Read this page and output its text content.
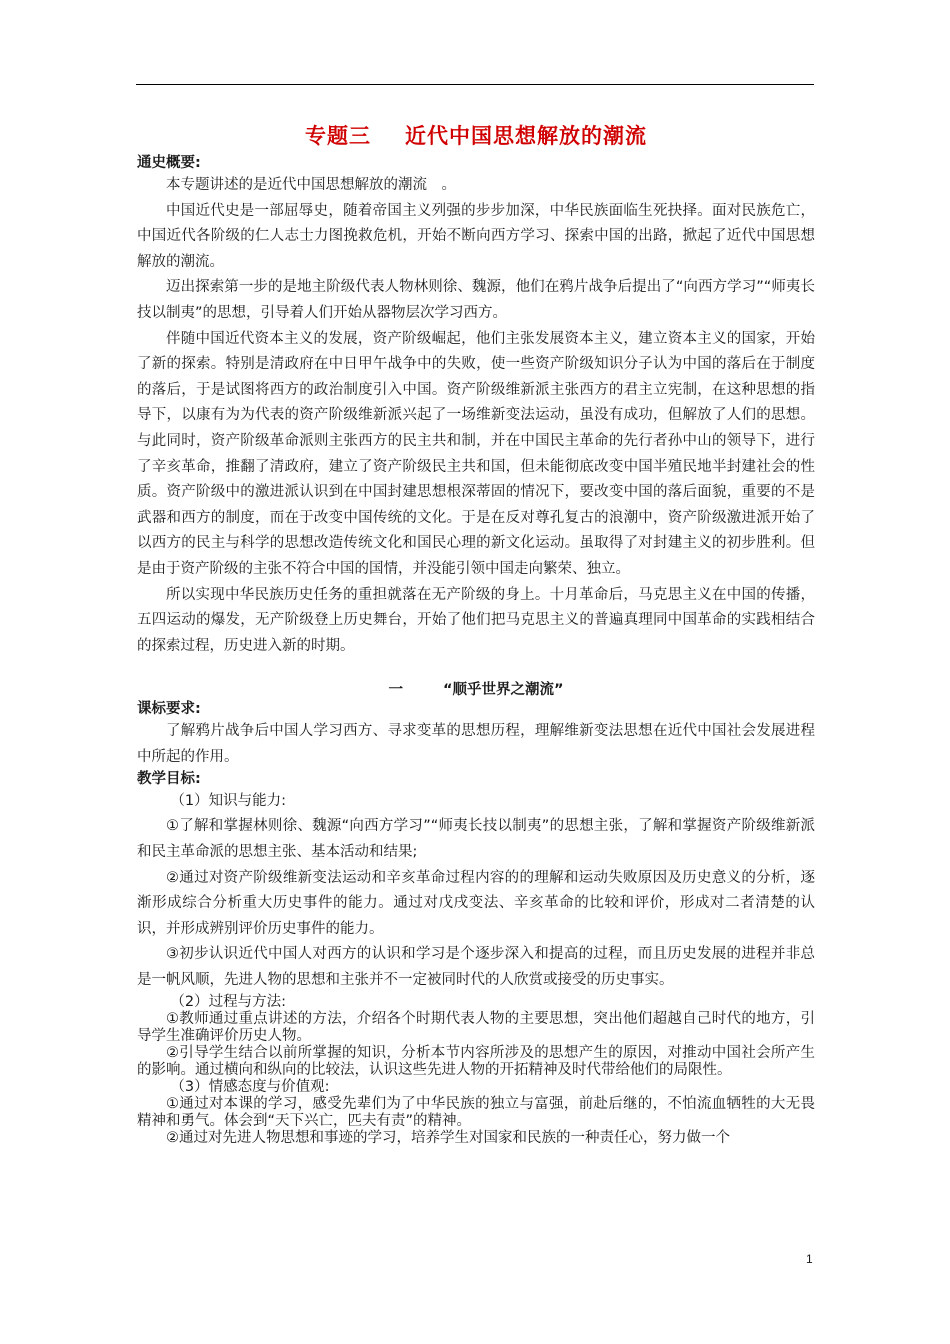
专题三 近代中国思想解放的潮流
通史概要:

本专题讲述的是近代中国思想解放的潮流　。

中国近代史是一部屈辱史，随着帝国主义列强的步步加深，中华民族面临生死抉择。面对民族危亡，中国近代各阶级的仁人志士力图挽救危机，开始不断向西方学习、探索中国的出路，掀起了近代中国思想解放的潮流。

迈出探索第一步的是地主阶级代表人物林则徐、魏源，他们在鸦片战争后提出了“向西方学习”“师夷长技以制夷”的思想，引导着人们开始从器物层次学习西方。

伴随中国近代资本主义的发展，资产阶级崛起，他们主张发展资本主义，建立资本主义的国家，开始了新的探索。特别是清政府在中日甲午战争中的失败，使一些资产阶级知识分子认为中国的落后在于制度的落后，于是试图将西方的政治制度引入中国。资产阶级维新派主张西方的君主立宪制，在这种思想的指导下，以康有为为代表的资产阶级维新派兴起了一场维新变法运动，虽没有成功，但解放了人们的思想。与此同时，资产阶级革命派则主张西方的民主共和制，并在中国民主革命的先行者孙中山的领导下，进行了辛亥革命，推翻了清政府，建立了资产阶级民主共和国，但未能彻底改变中国半殖民地半封建社会的性质。资产阶级中的激进派认识到在中国封建思想根深蒂固的情况下，要改变中国的落后面貌，重要的不是武器和西方的制度，而在于改变中国传统的文化。于是在反对尊孔复古的浪潮中，资产阶级激进派开始了以西方的民主与科学的思想改造传统文化和国民心理的新文化运动。虽取得了对封建主义的初步胜利。但是由于资产阶级的主张不符合中国的国情，并没能引领中国走向繁荣、独立。

所以实现中华民族历史任务的重担就落在无产阶级的身上。十月革命后，马克思主义在中国的传播，五四运动的爆发，无产阶级登上历史舞台，开始了他们把马克思主义的普遍真理同中国革命的实践相结合的探索过程，历史进入新的时期。

一	“顺乎世界之潮流”
课标要求:

了解鸦片战争后中国人学习西方、寻求变革的思想历程，理解维新变法思想在近代中国社会发展进程中所起的作用。

教学目标:
（1）知识与能力:

①了解和掌握林则徐、魏源“向西方学习”“师夷长技以制夷”的思想主张，了解和掌握资产阶级维新派和民主革命派的思想主张、基本活动和结果;

②通过对资产阶级维新变法运动和辛亥革命过程内容的的理解和运动失败原因及历史意义的分析，逐渐形成综合分析重大历史事件的能力。通过对戊戌变法、辛亥革命的比较和评价，形成对二者清楚的认识，并形成辨别评价历史事件的能力。

③初步认识近代中国人对西方的认识和学习是个逐步深入和提高的过程，而且历史发展的进程并非总是一帆风顺，先进人物的思想和主张并不一定被同时代的人欣赏或接受的历史事实。

（2）过程与方法:

①教师通过重点讲述的方法，介绍各个时期代表人物的主要思想，突出他们超越自己时代的地方，引导学生准确评价历史人物。

②引导学生结合以前所掌握的知识，分析本节内容所涉及的思想产生的原因，对推动中国社会所产生的影响。通过横向和纵向的比较法，认识这些先进人物的开拓精神及时代带给他们的局限性。

（3）情感态度与价值观:

①通过对本课的学习，感受先辈们为了中华民族的独立与富强，前赴后继的，不怕流血牺牲的大无畏精神和勇气。体会到“天下兴亡，匹夫有责”的精神。

②通过对先进人物思想和事迹的学习，培养学生对国家和民族的一种责任心，努力做一个

1
